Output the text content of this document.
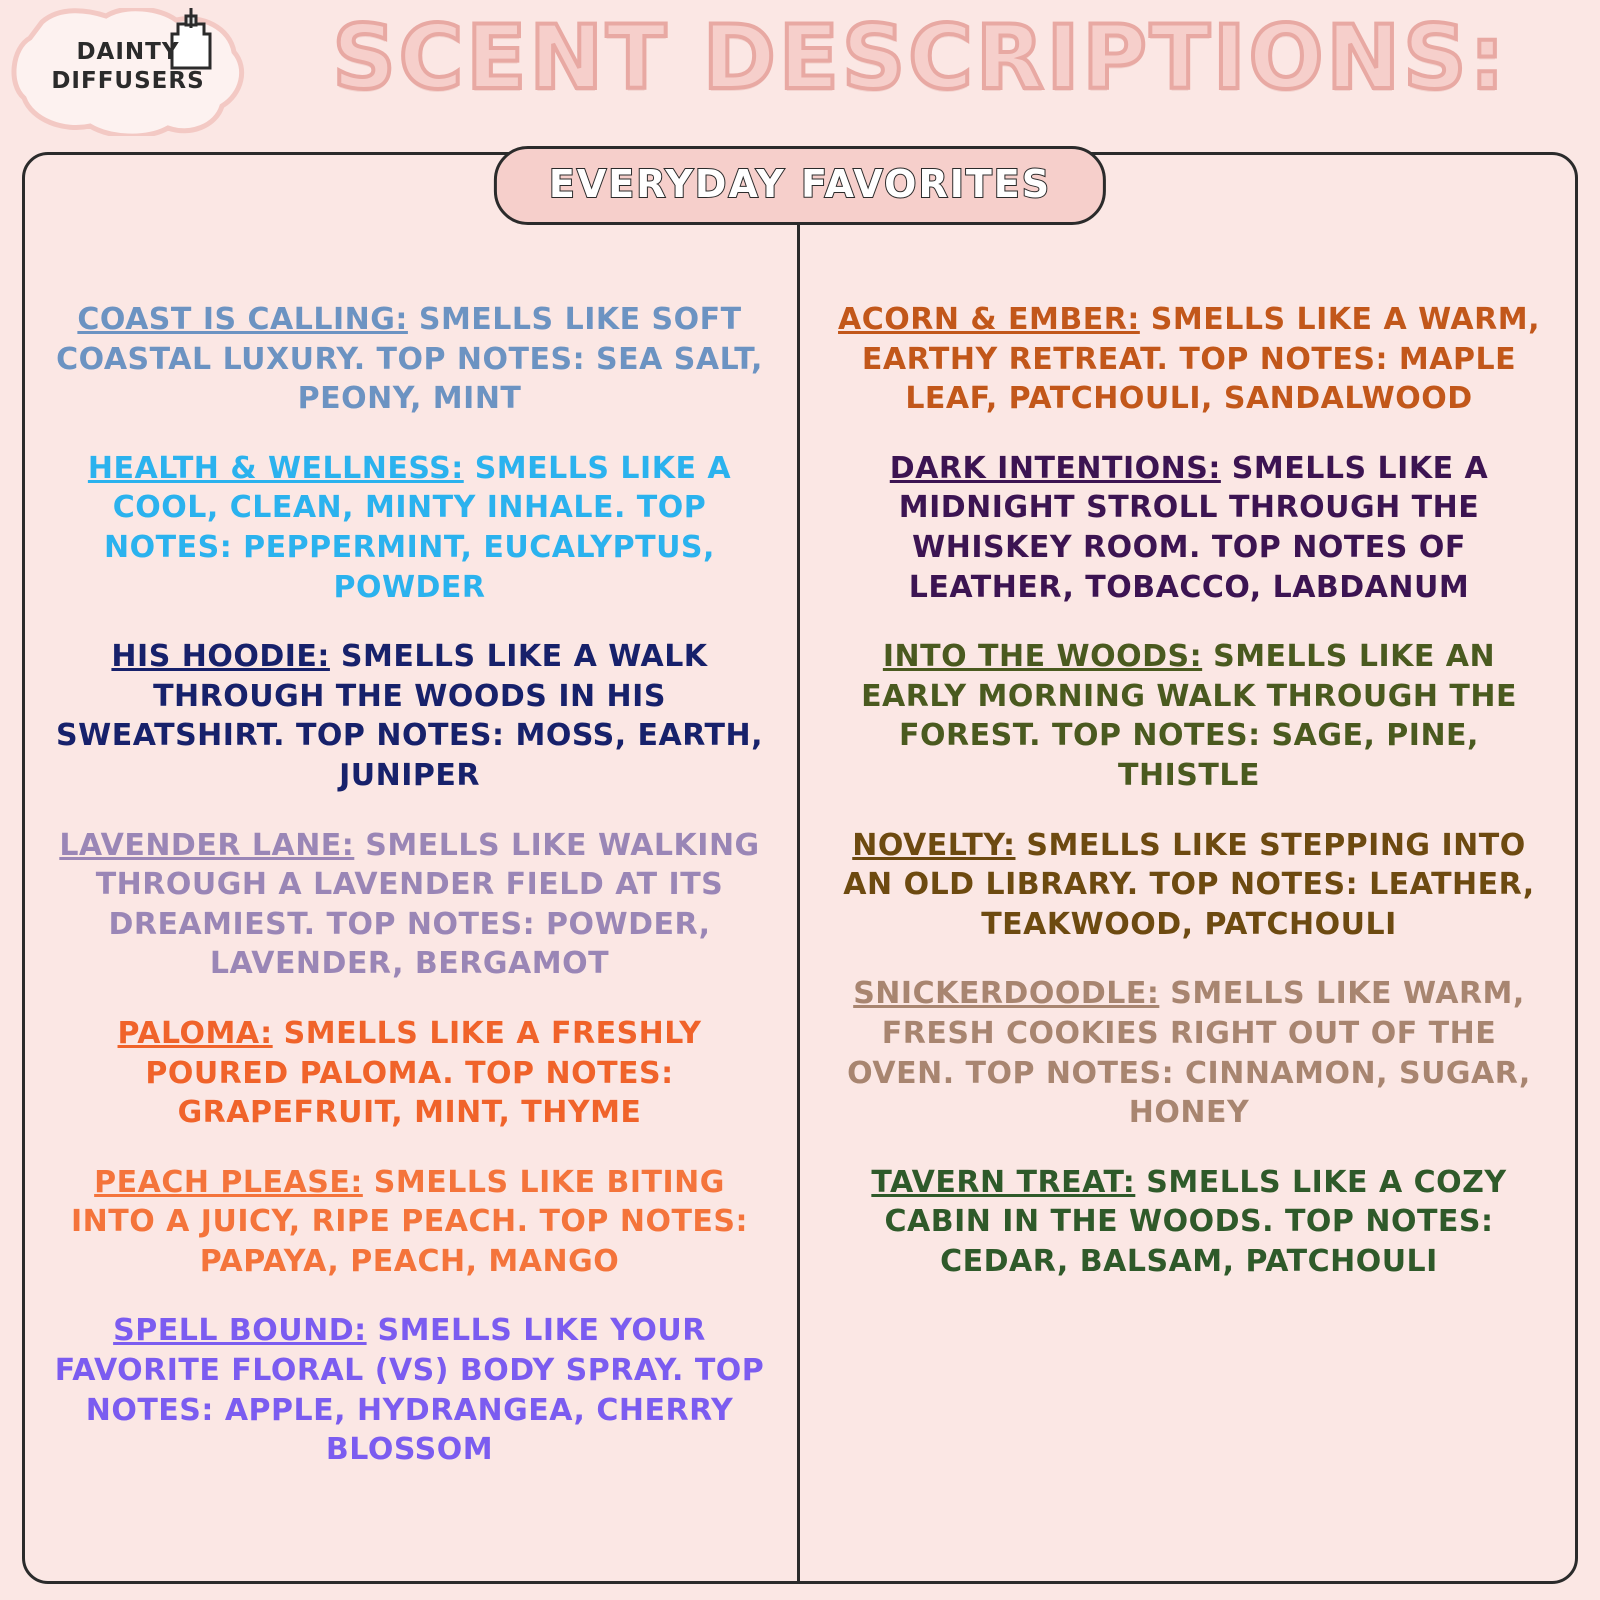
DAINTY
DIFFUSERS	SCENT DESCRIPTIONS:
EVERYDAY FAVORITES

COAST IS CALLING: SMELLS LIKE SOFT COASTAL LUXURY. TOP NOTES: SEA SALT, PEONY, MINT

HEALTH & WELLNESS: SMELLS LIKE A COOL, CLEAN, MINTY INHALE. TOP NOTES: PEPPERMINT, EUCALYPTUS, POWDER

HIS HOODIE: SMELLS LIKE A WALK THROUGH THE WOODS IN HIS SWEATSHIRT. TOP NOTES: MOSS, EARTH, JUNIPER

LAVENDER LANE: SMELLS LIKE WALKING THROUGH A LAVENDER FIELD AT ITS DREAMIEST. TOP NOTES: POWDER, LAVENDER, BERGAMOT

PALOMA: SMELLS LIKE A FRESHLY POURED PALOMA. TOP NOTES: GRAPEFRUIT, MINT, THYME

PEACH PLEASE: SMELLS LIKE BITING INTO A JUICY, RIPE PEACH. TOP NOTES: PAPAYA, PEACH, MANGO

SPELL BOUND: SMELLS LIKE YOUR FAVORITE FLORAL (VS) BODY SPRAY. TOP NOTES: APPLE, HYDRANGEA, CHERRY BLOSSOM

ACORN & EMBER: SMELLS LIKE A WARM, EARTHY RETREAT. TOP NOTES: MAPLE LEAF, PATCHOULI, SANDALWOOD

DARK INTENTIONS: SMELLS LIKE A MIDNIGHT STROLL THROUGH THE WHISKEY ROOM. TOP NOTES OF LEATHER, TOBACCO, LABDANUM

INTO THE WOODS: SMELLS LIKE AN EARLY MORNING WALK THROUGH THE FOREST. TOP NOTES: SAGE, PINE, THISTLE

NOVELTY: SMELLS LIKE STEPPING INTO AN OLD LIBRARY. TOP NOTES: LEATHER, TEAKWOOD, PATCHOULI

SNICKERDOODLE: SMELLS LIKE WARM, FRESH COOKIES RIGHT OUT OF THE OVEN. TOP NOTES: CINNAMON, SUGAR, HONEY

TAVERN TREAT: SMELLS LIKE A COZY CABIN IN THE WOODS. TOP NOTES: CEDAR, BALSAM, PATCHOULI
